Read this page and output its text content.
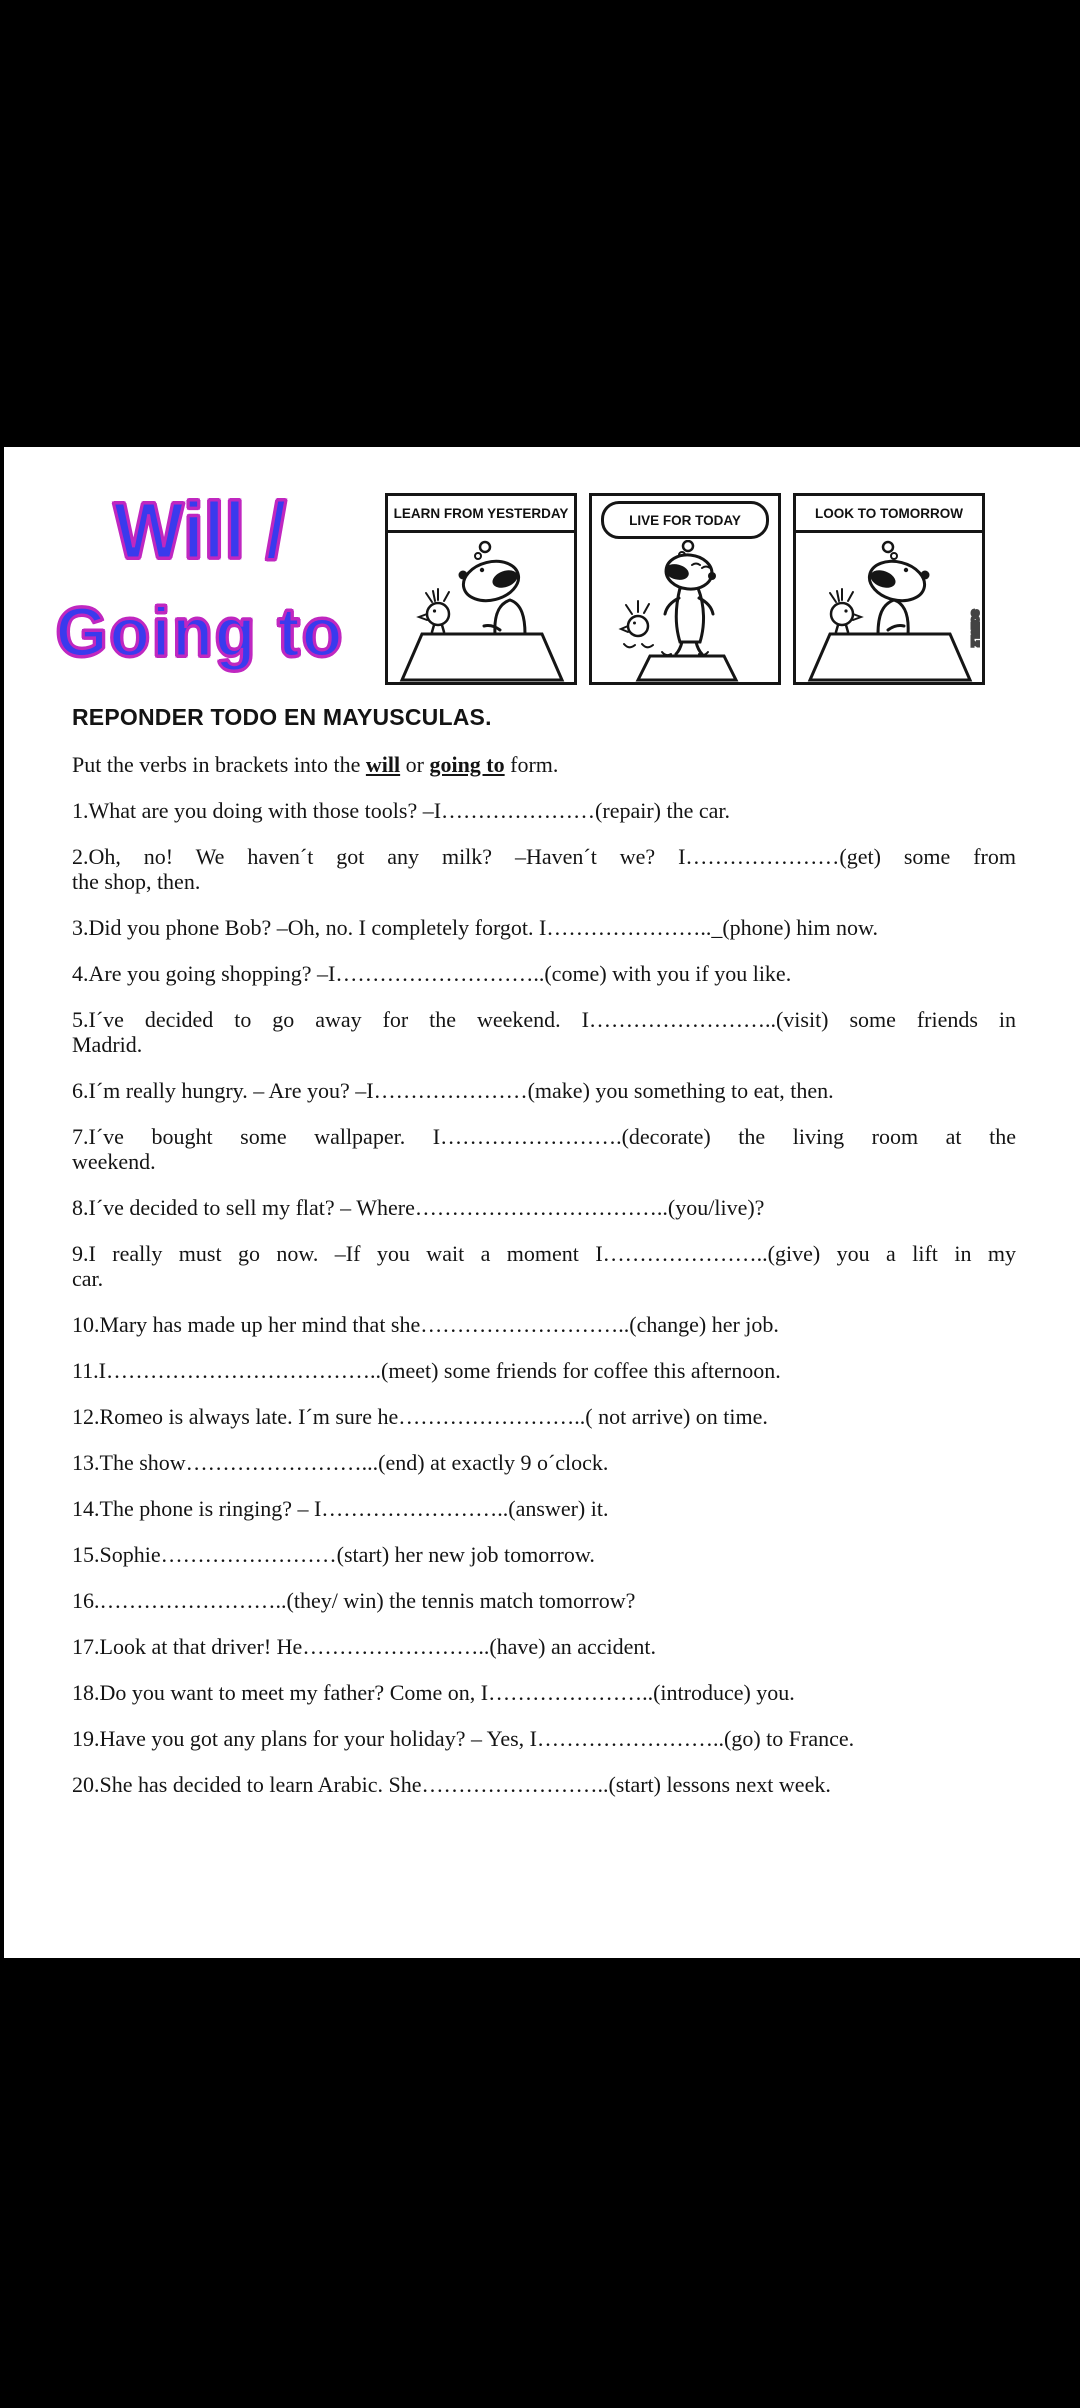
Will /
Going to
LEARN FROM YESTERDAY	LIVE FOR TODAY	LOOK TO TOMORROW
SCHULZ

REPONDER TODO EN MAYUSCULAS.

Put the verbs in brackets into the will or going to form.

1.What are you doing with those tools? –I…………………(repair) the car.
2.Oh, no! We haven´t got any milk? –Haven´t we? I…………………(get) some from
the shop, then.
3.Did you phone Bob? –Oh, no. I completely forgot. I………………….._(phone) him now.
4.Are you going shopping? –I………………………..(come) with you if you like.
5.I´ve decided to go away for the weekend. I……………………..(visit) some friends in
Madrid.
6.I´m really hungry. – Are you? –I…………………(make) you something to eat, then.
7.I´ve bought some wallpaper. I…………………….(decorate) the living room at the
weekend.
8.I´ve decided to sell my flat? – Where……………………………..(you/live)?
9.I really must go now. –If you wait a moment I…………………..(give) you a lift in my
car.
10.Mary has made up her mind that she………………………..(change) her job.
11.I………………………………..(meet) some friends for coffee this afternoon.
12.Romeo is always late. I´m sure he……………………..( not arrive) on time.
13.The show……………………...(end) at exactly 9 o´clock.
14.The phone is ringing? – I……………………..(answer) it.
15.Sophie……………………(start) her new job tomorrow.
16.……………………..(they/ win) the tennis match tomorrow?
17.Look at that driver! He……………………..(have) an accident.
18.Do you want to meet my father? Come on, I…………………..(introduce) you.
19.Have you got any plans for your holiday? – Yes, I……………………..(go) to France.
20.She has decided to learn Arabic. She……………………..(start) lessons next week.
